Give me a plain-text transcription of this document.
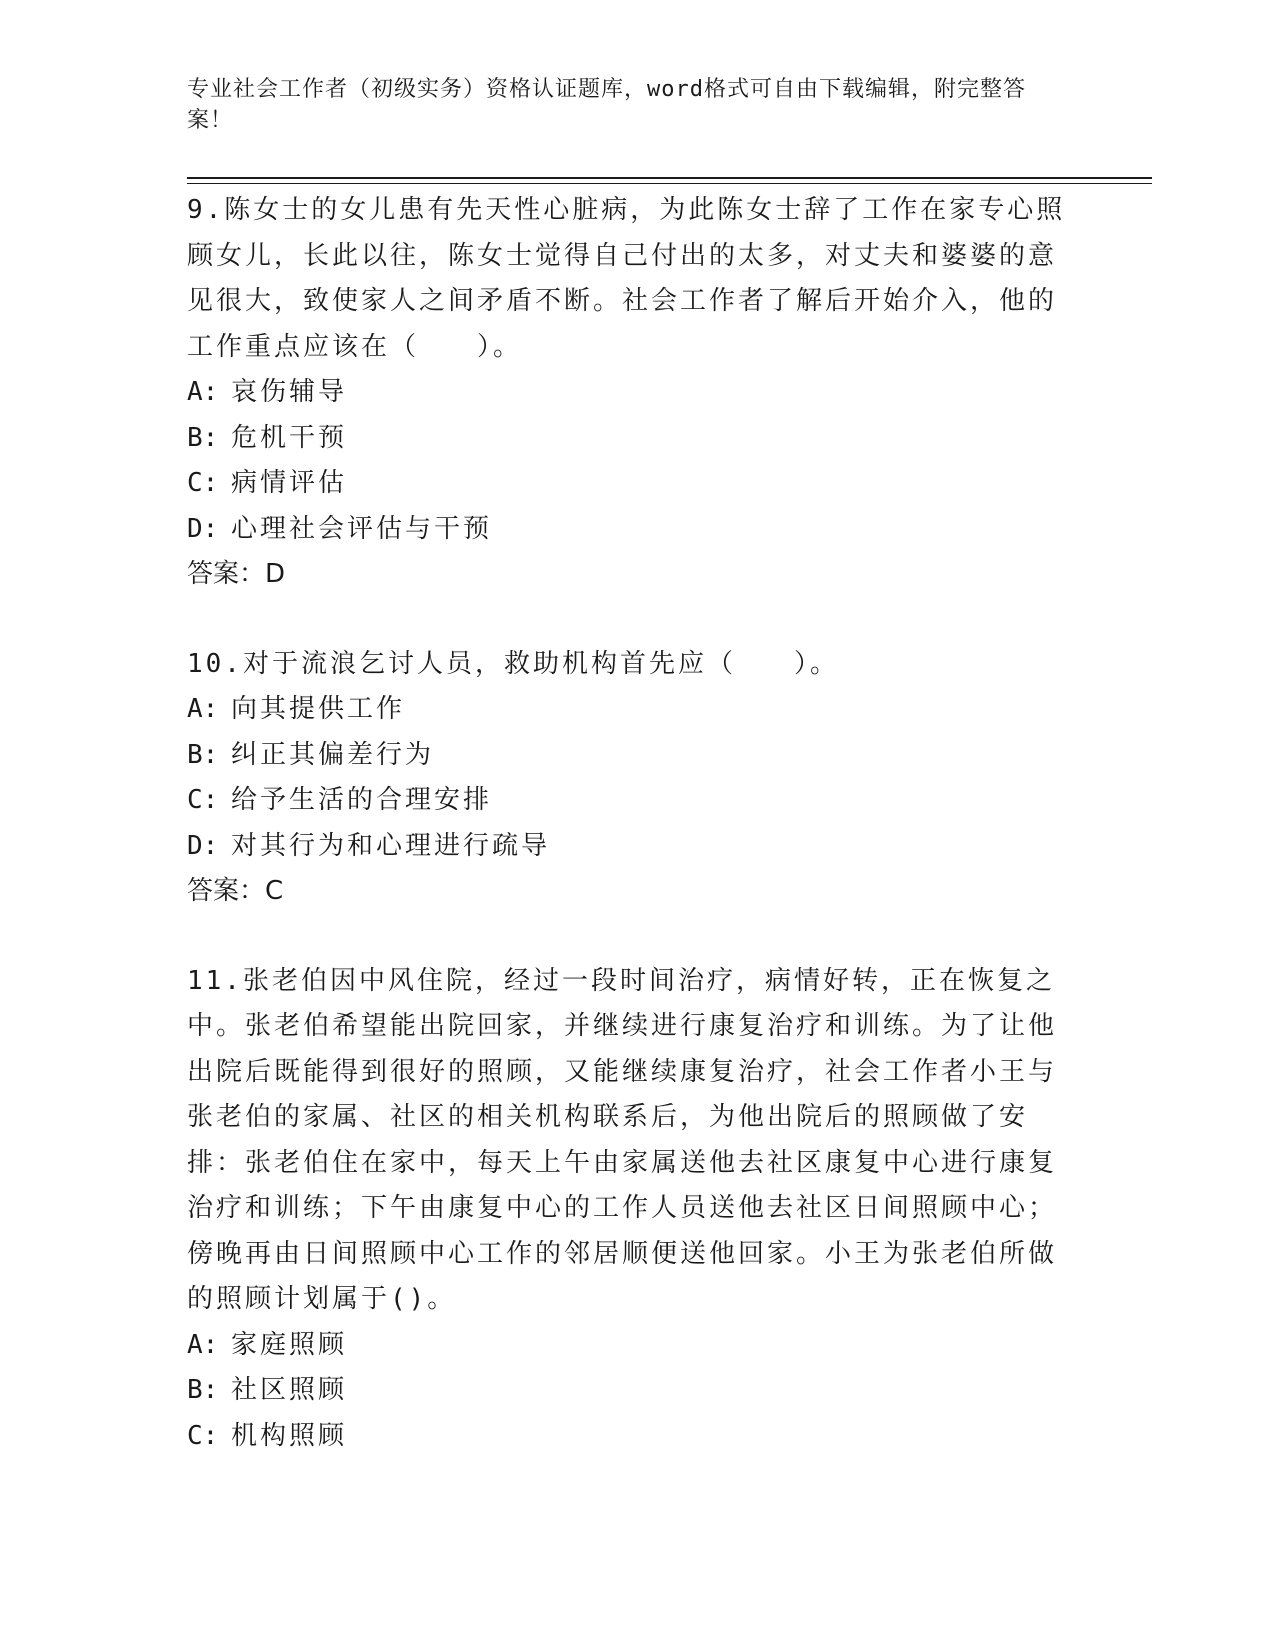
专业社会工作者（初级实务）资格认证题库，word格式可自由下载编辑，附完整答案！
9.陈女士的女儿患有先天性心脏病，为此陈女士辞了工作在家专心照顾女儿，长此以往，陈女士觉得自己付出的太多，对丈夫和婆婆的意见很大，致使家人之间矛盾不断。社会工作者了解后开始介入，他的工作重点应该在（　　）。
A: 哀伤辅导
B: 危机干预
C: 病情评估
D: 心理社会评估与干预
答案：D
10.对于流浪乞讨人员，救助机构首先应（　　）。
A: 向其提供工作
B: 纠正其偏差行为
C: 给予生活的合理安排
D: 对其行为和心理进行疏导
答案：C
11.张老伯因中风住院，经过一段时间治疗，病情好转，正在恢复之中。张老伯希望能出院回家，并继续进行康复治疗和训练。为了让他出院后既能得到很好的照顾，又能继续康复治疗，社会工作者小王与张老伯的家属、社区的相关机构联系后，为他出院后的照顾做了安排：张老伯住在家中，每天上午由家属送他去社区康复中心进行康复治疗和训练；下午由康复中心的工作人员送他去社区日间照顾中心；傍晚再由日间照顾中心工作的邻居顺便送他回家。小王为张老伯所做的照顾计划属于()。
A: 家庭照顾
B: 社区照顾
C: 机构照顾
